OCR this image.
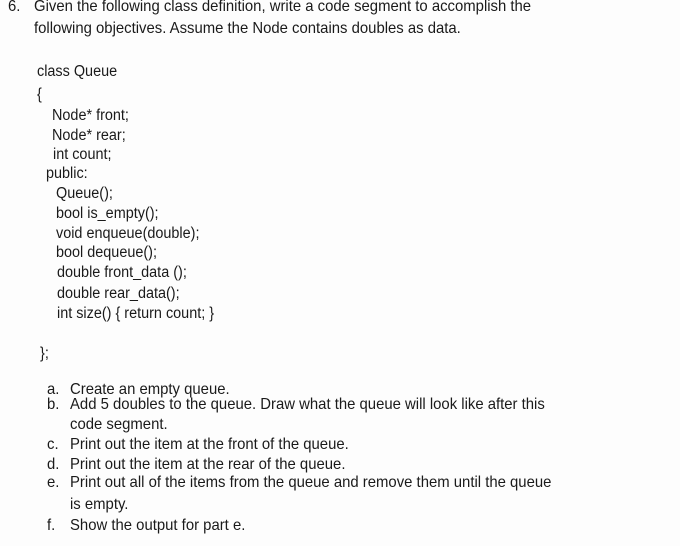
6. Given the following class definition, write a code segment to accomplish the
following objectives. Assume the Node contains doubles as data.
class Queue
{
Node* front;
Node* rear;
int count;
public:
Queue();
bool is_empty();
void enqueue(double);
bool dequeue();
double front_data ();
double rear_data();
int size() { return count; }
};
a. Create an empty queue.
b. Add 5 doubles to the queue. Draw what the queue will look like after this
code segment.
c. Print out the item at the front of the queue.
d. Print out the item at the rear of the queue.
e. Print out all of the items from the queue and remove them until the queue
is empty.
f. Show the output for part e.
